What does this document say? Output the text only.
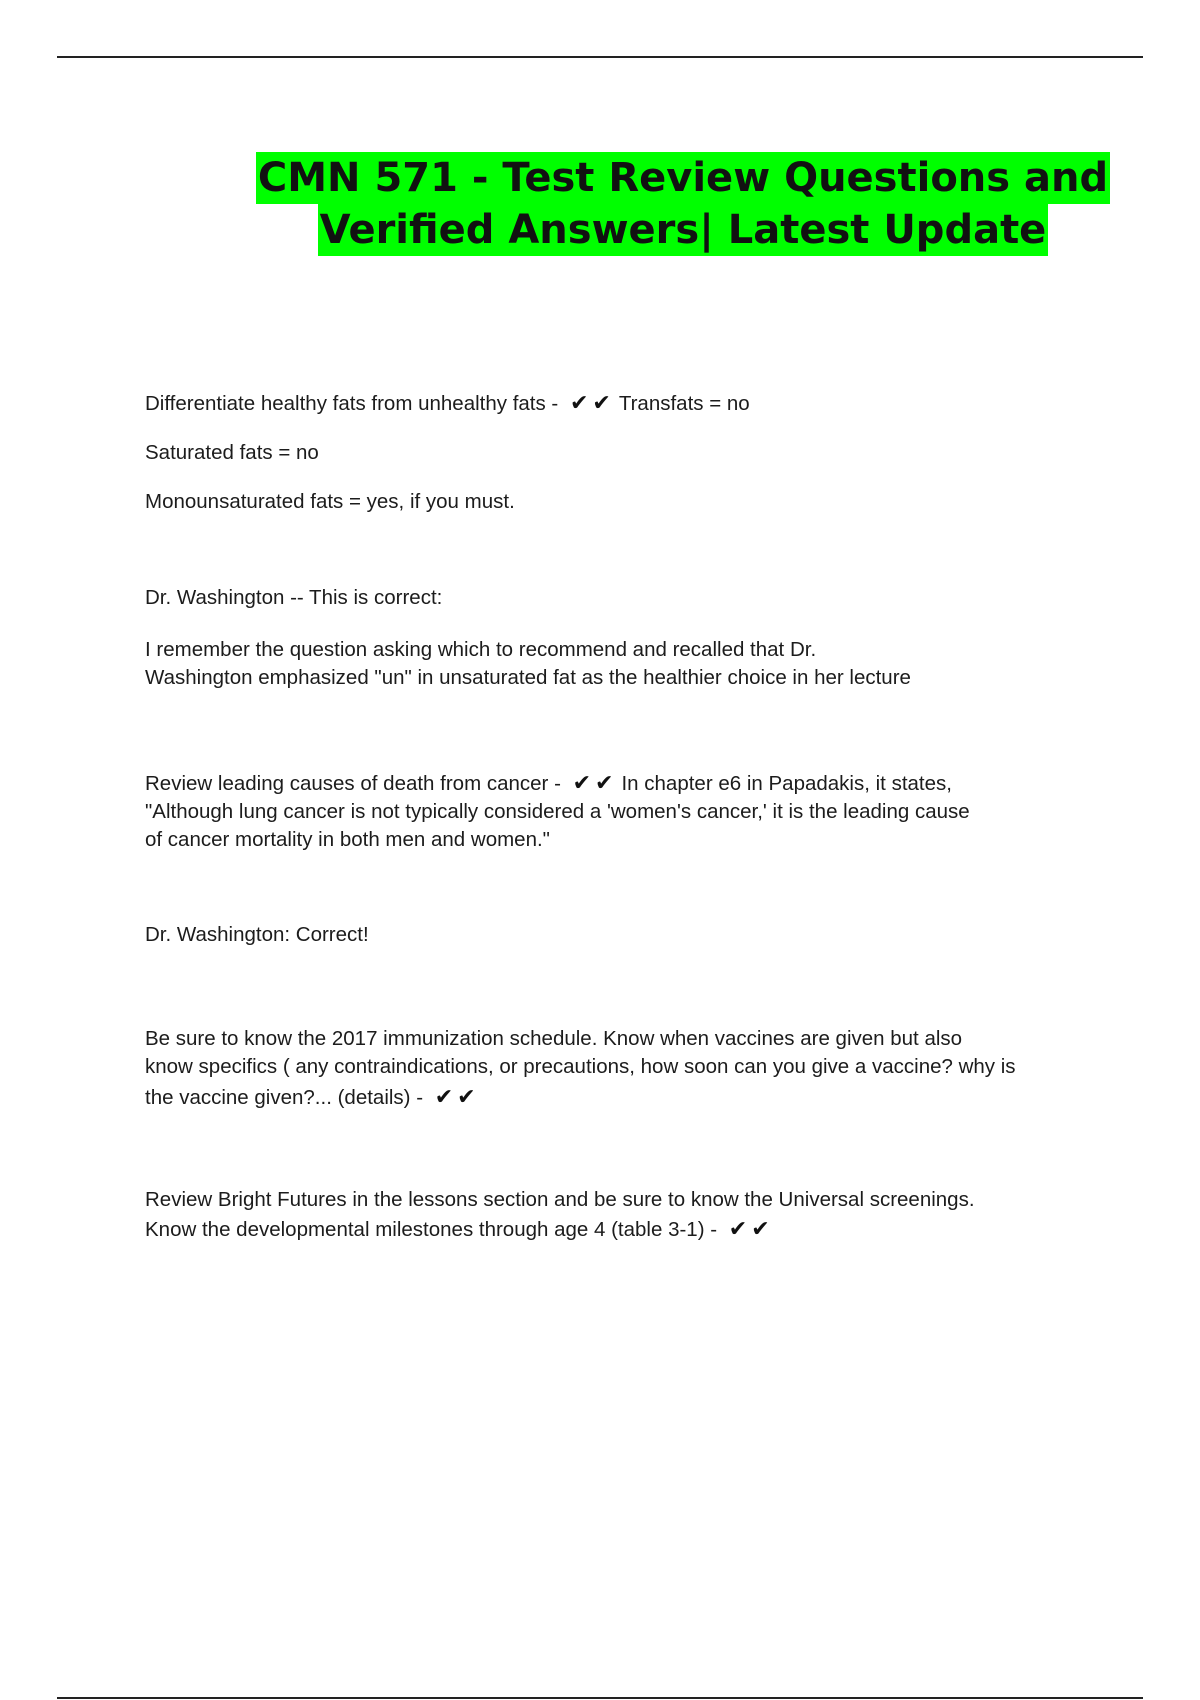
CMN 571 - Test Review Questions and
Verified Answers| Latest Update

Differentiate healthy fats from unhealthy fats - ✔✔ Transfats = no

Saturated fats = no

Monounsaturated fats = yes, if you must.

Dr. Washington -- This is correct:

I remember the question asking which to recommend and recalled that Dr.

Washington emphasized "un" in unsaturated fat as the healthier choice in her lecture

Review leading causes of death from cancer - ✔✔ In chapter e6 in Papadakis, it states,

"Although lung cancer is not typically considered a 'women's cancer,' it is the leading cause

of cancer mortality in both men and women."

Dr. Washington: Correct!

Be sure to know the 2017 immunization schedule. Know when vaccines are given but also

know specifics ( any contraindications, or precautions, how soon can you give a vaccine? why is

the vaccine given?... (details) - ✔✔

Review Bright Futures in the lessons section and be sure to know the Universal screenings.

Know the developmental milestones through age 4 (table 3-1) - ✔✔
